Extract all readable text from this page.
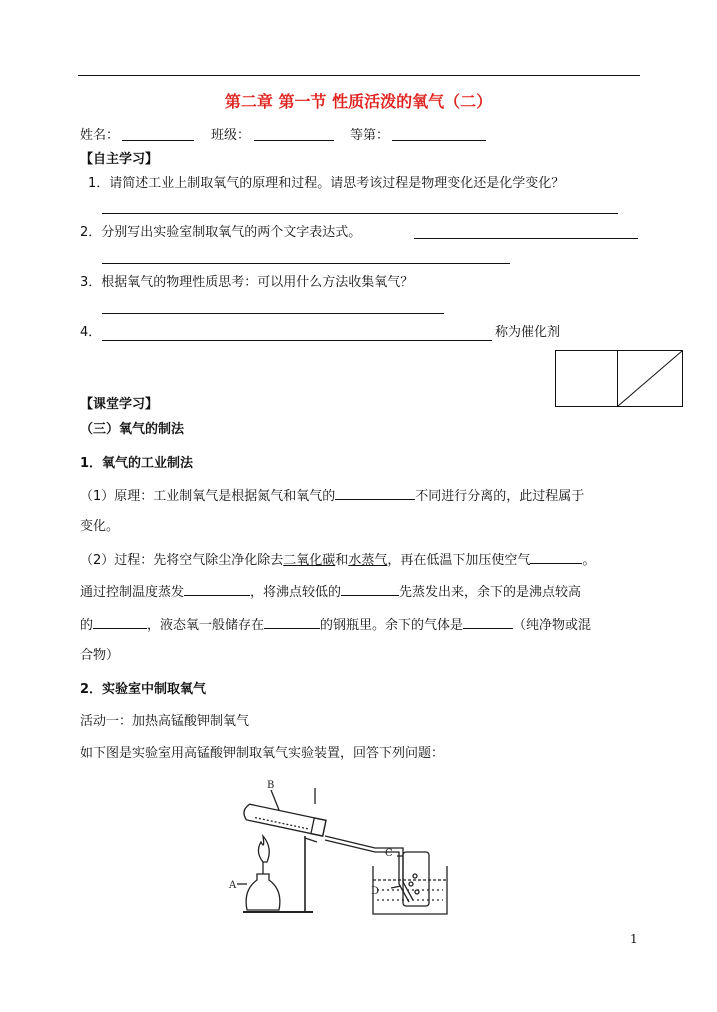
第二章 第一节 性质活泼的氧气（二）
姓名：	班级：	等第：
【自主学习】
1．请简述工业上制取氧气的原理和过程。请思考该过程是物理变化还是化学变化？
2．分别写出实验室制取氧气的两个文字表达式。
3．根据氧气的物理性质思考：可以用什么方法收集氧气？
4．	称为催化剂
【课堂学习】
（三）氧气的制法
1．氧气的工业制法
（1）原理：工业制氧气是根据氮气和氧气的	不同进行分离的，此过程属于
变化。
（2）过程：先将空气除尘净化除去二氧化碳和水蒸气，再在低温下加压使空气	。
通过控制温度蒸发	，将沸点较低的	先蒸发出来，余下的是沸点较高
的	，液态氧一般储存在	的钢瓶里。余下的气体是	（纯净物或混
合物）
2．实验室中制取氧气
活动一：加热高锰酸钾制氧气
如下图是实验室用高锰酸钾制取氧气实验装置，回答下列问题：
A
B
C
D
1
